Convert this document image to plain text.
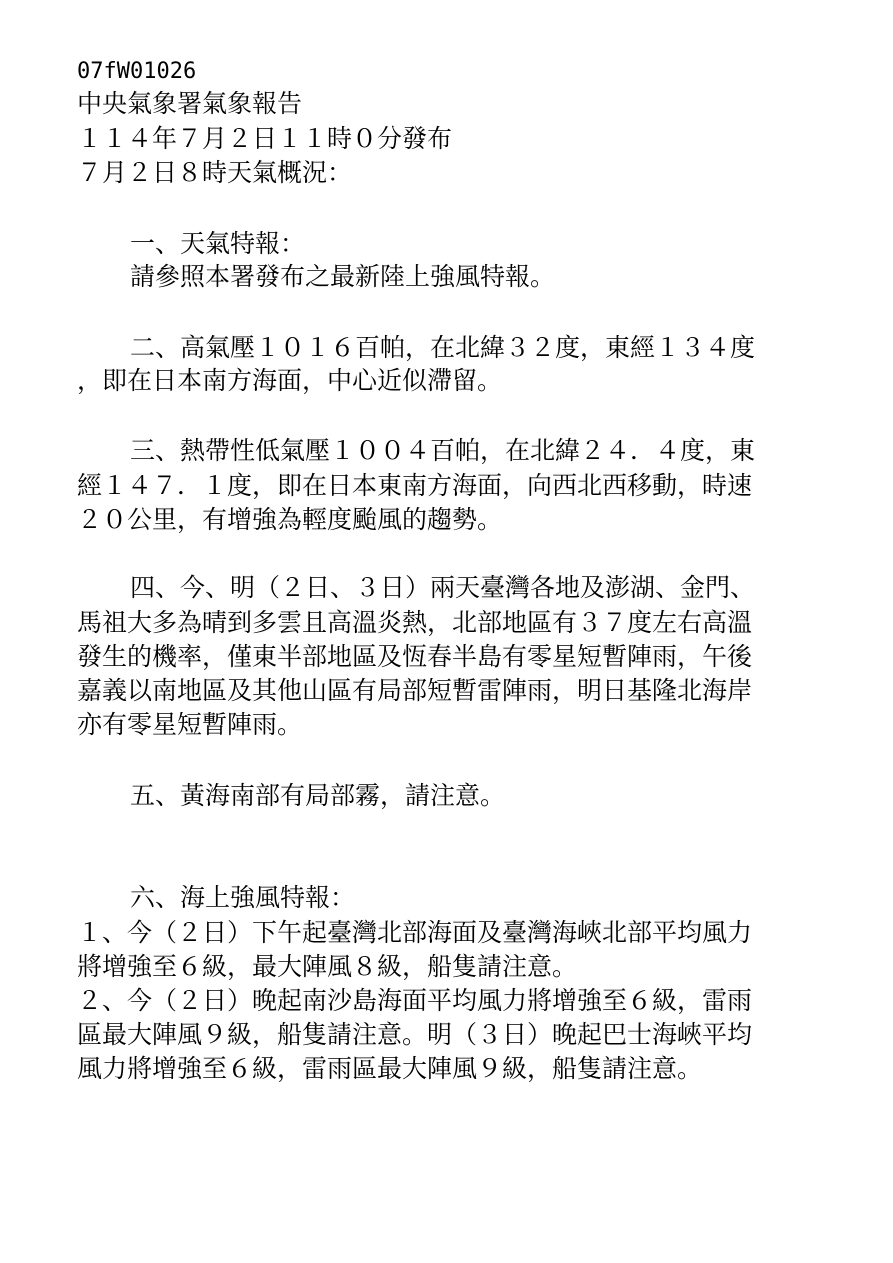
07fW01026
中央氣象署氣象報告
１１４年７月２日１１時０分發布
７月２日８時天氣概況：
一、天氣特報：
請參照本署發布之最新陸上強風特報。
二、高氣壓１０１６百帕，在北緯３２度，東經１３４度
，即在日本南方海面，中心近似滯留。
三、熱帶性低氣壓１００４百帕，在北緯２４．４度，東
經１４７．１度，即在日本東南方海面，向西北西移動，時速
２０公里，有增強為輕度颱風的趨勢。
四、今、明（２日、３日）兩天臺灣各地及澎湖、金門、
馬祖大多為晴到多雲且高溫炎熱，北部地區有３７度左右高溫
發生的機率，僅東半部地區及恆春半島有零星短暫陣雨，午後
嘉義以南地區及其他山區有局部短暫雷陣雨，明日基隆北海岸
亦有零星短暫陣雨。
五、黃海南部有局部霧，請注意。
六、海上強風特報：
１、今（２日）下午起臺灣北部海面及臺灣海峽北部平均風力
將增強至６級，最大陣風８級，船隻請注意。
２、今（２日）晚起南沙島海面平均風力將增強至６級，雷雨
區最大陣風９級，船隻請注意。明（３日）晚起巴士海峽平均
風力將增強至６級，雷雨區最大陣風９級，船隻請注意。
